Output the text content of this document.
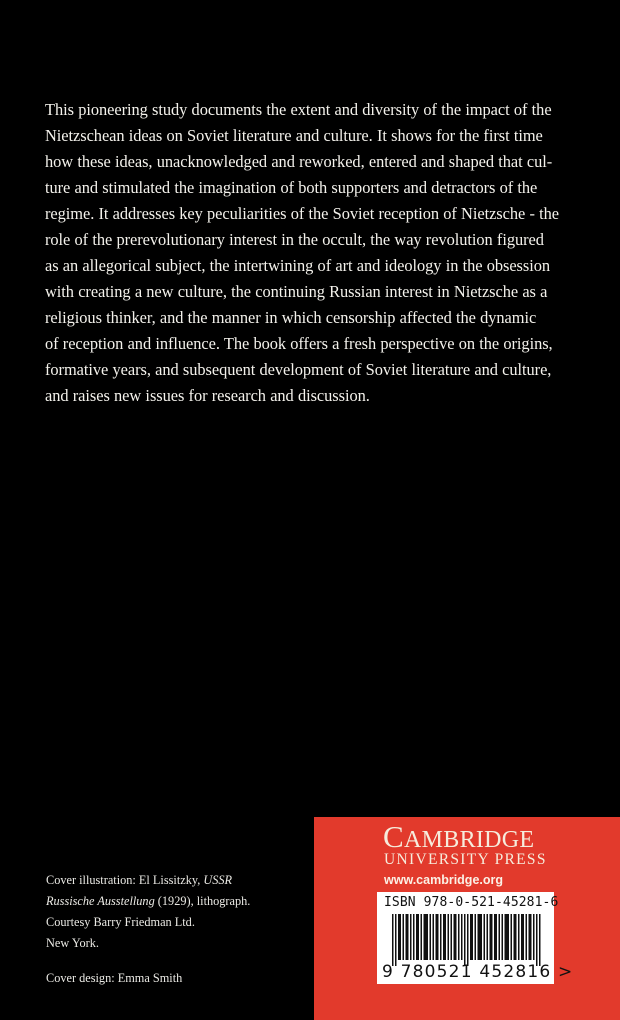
This pioneering study documents the extent and diversity of the impact of the
Nietzschean ideas on Soviet literature and culture. It shows for the first time
how these ideas, unacknowledged and reworked, entered and shaped that cul-
ture and stimulated the imagination of both supporters and detractors of the
regime. It addresses key peculiarities of the Soviet reception of Nietzsche - the
role of the prerevolutionary interest in the occult, the way revolution figured
as an allegorical subject, the intertwining of art and ideology in the obsession
with creating a new culture, the continuing Russian interest in Nietzsche as a
religious thinker, and the manner in which censorship affected the dynamic
of reception and influence. The book offers a fresh perspective on the origins,
formative years, and subsequent development of Soviet literature and culture,
and raises new issues for research and discussion.
Cover illustration: El Lissitzky, USSR
Russische Ausstellung (1929), lithograph.
Courtesy Barry Friedman Ltd.
New York.
Cover design: Emma Smith
CAMBRIDGE
UNIVERSITY PRESS
www.cambridge.org
ISBN 978-0-521-45281-6
9 780521 452816 >
